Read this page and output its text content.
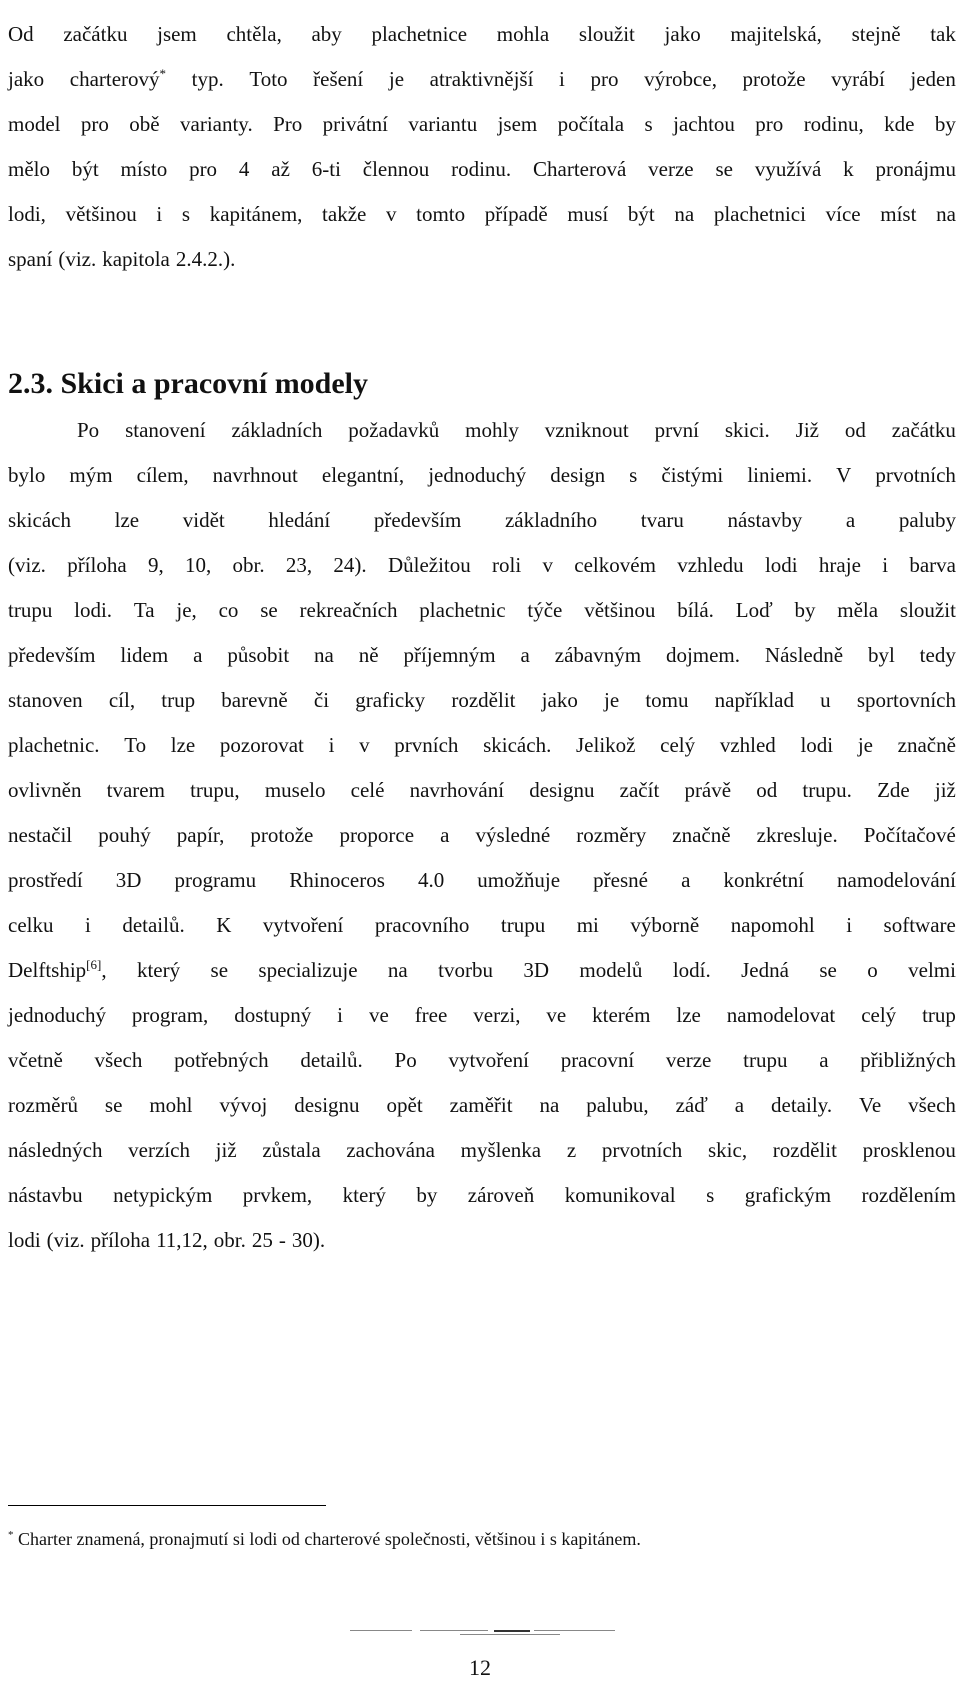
Od začátku jsem chtěla, aby plachetnice mohla sloužit jako majitelská, stejně tak
jako charterový* typ. Toto řešení je atraktivnější i pro výrobce, protože vyrábí jeden
model pro obě varianty. Pro privátní variantu jsem počítala s jachtou pro rodinu, kde by
mělo být místo pro 4 až 6-ti člennou rodinu. Charterová verze se využívá k pronájmu
lodi, většinou i s kapitánem, takže v tomto případě musí být na plachetnici více míst na
spaní (viz. kapitola 2.4.2.).
2.3. Skici a pracovní modely
Po stanovení základních požadavků mohly vzniknout první skici. Již od začátku
bylo mým cílem, navrhnout elegantní, jednoduchý design s čistými liniemi. V prvotních
skicách lze vidět hledání především základního tvaru nástavby a paluby
(viz. příloha 9, 10, obr. 23, 24). Důležitou roli v celkovém vzhledu lodi hraje i barva
trupu lodi. Ta je, co se rekreačních plachetnic týče většinou bílá. Loď by měla sloužit
především lidem a působit na ně příjemným a zábavným dojmem. Následně byl tedy
stanoven cíl, trup barevně či graficky rozdělit jako je tomu například u sportovních
plachetnic. To lze pozorovat i v prvních skicách. Jelikož celý vzhled lodi je značně
ovlivněn tvarem trupu, muselo celé navrhování designu začít právě od trupu. Zde již
nestačil pouhý papír, protože proporce a výsledné rozměry značně zkresluje. Počítačové
prostředí 3D programu Rhinoceros 4.0 umožňuje přesné a konkrétní namodelování
celku i detailů. K vytvoření pracovního trupu mi výborně napomohl i software
Delftship[6], který se specializuje na tvorbu 3D modelů lodí. Jedná se o velmi
jednoduchý program, dostupný i ve free verzi, ve kterém lze namodelovat celý trup
včetně všech potřebných detailů. Po vytvoření pracovní verze trupu a přibližných
rozměrů se mohl vývoj designu opět zaměřit na palubu, záď a detaily. Ve všech
následných verzích již zůstala zachována myšlenka z prvotních skic, rozdělit prosklenou
nástavbu netypickým prvkem, který by zároveň komunikoval s grafickým rozdělením
lodi (viz. příloha 11,12, obr. 25 - 30).
* Charter znamená, pronajmutí si lodi od charterové společnosti, většinou i s kapitánem.
12
